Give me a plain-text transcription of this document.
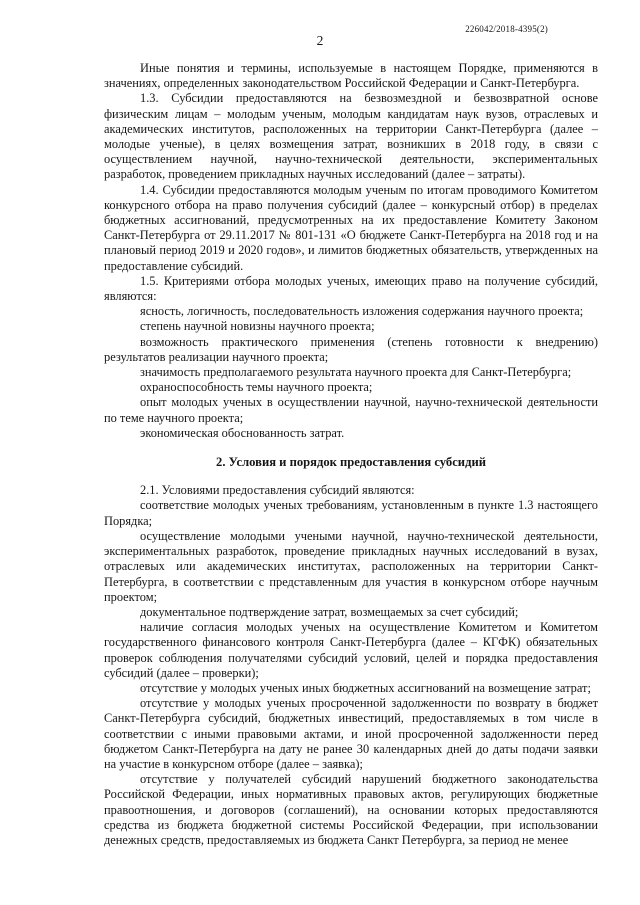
226042/2018-4395(2)
2

Иные понятия и термины, используемые в настоящем Порядке, применяются в значениях, определенных законодательством Российской Федерации и Санкт-Петербурга.

1.3. Субсидии предоставляются на безвозмездной и безвозвратной основе физическим лицам – молодым ученым, молодым кандидатам наук вузов, отраслевых и академических институтов, расположенных на территории Санкт-Петербурга (далее – молодые ученые), в целях возмещения затрат, возникших в 2018 году, в связи с осуществлением научной, научно-технической деятельности, экспериментальных разработок, проведением прикладных научных исследований (далее – затраты).

1.4. Субсидии предоставляются молодым ученым по итогам проводимого Комитетом конкурсного отбора на право получения субсидий (далее – конкурсный отбор) в пределах бюджетных ассигнований, предусмотренных на их предоставление Комитету Законом Санкт-Петербурга от 29.11.2017 № 801-131 «О бюджете Санкт-Петербурга на 2018 год и на плановый период 2019 и 2020 годов», и лимитов бюджетных обязательств, утвержденных на предоставление субсидий.

1.5. Критериями отбора молодых ученых, имеющих право на получение субсидий, являются:

ясность, логичность, последовательность изложения содержания научного проекта;

степень научной новизны научного проекта;

возможность практического применения (степень готовности к внедрению) результатов реализации научного проекта;

значимость предполагаемого результата научного проекта для Санкт-Петербурга;

охраноспособность темы научного проекта;

опыт молодых ученых в осуществлении научной, научно-технической деятельности по теме научного проекта;

экономическая обоснованность затрат.

2. Условия и порядок предоставления субсидий

2.1. Условиями предоставления субсидий являются:

соответствие молодых ученых требованиям, установленным в пункте 1.3 настоящего Порядка;

осуществление молодыми учеными научной, научно-технической деятельности, экспериментальных разработок, проведение прикладных научных исследований в вузах, отраслевых или академических институтах, расположенных на территории Санкт-Петербурга, в соответствии с представленным для участия в конкурсном отборе научным проектом;

документальное подтверждение затрат, возмещаемых за счет субсидий;

наличие согласия молодых ученых на осуществление Комитетом и Комитетом государственного финансового контроля Санкт-Петербурга (далее – КГФК) обязательных проверок соблюдения получателями субсидий условий, целей и порядка предоставления субсидий (далее – проверки);

отсутствие у молодых ученых иных бюджетных ассигнований на возмещение затрат;

отсутствие у молодых ученых просроченной задолженности по возврату в бюджет Санкт-Петербурга субсидий, бюджетных инвестиций, предоставляемых в том числе в соответствии с иными правовыми актами, и иной просроченной задолженности перед бюджетом Санкт-Петербурга на дату не ранее 30 календарных дней до даты подачи заявки на участие в конкурсном отборе (далее – заявка);

отсутствие у получателей субсидий нарушений бюджетного законодательства Российской Федерации, иных нормативных правовых актов, регулирующих бюджетные правоотношения, и договоров (соглашений), на основании которых предоставляются средства из бюджета бюджетной системы Российской Федерации, при использовании денежных средств, предоставляемых из бюджета Санкт Петербурга, за период не менее
